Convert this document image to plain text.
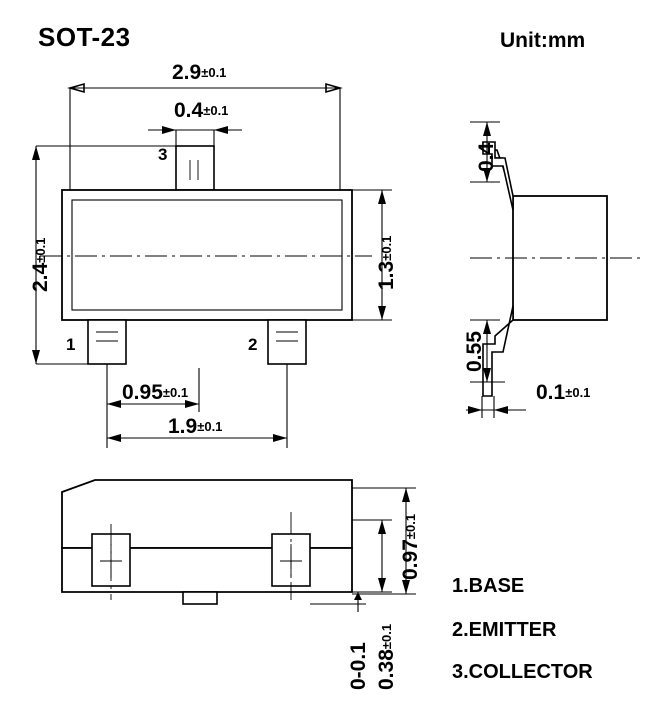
SOT-23	Unit:mm
2.9±0.1
0.4±0.1
3
1	2
2.4±0.1
1.3±0.1
0.95±0.1
1.9±0.1
0.4
0.55
0.1±0.1
0.97±0.1
0.38±0.1
0-0.1
1.BASE
2.EMITTER
3.COLLECTOR
